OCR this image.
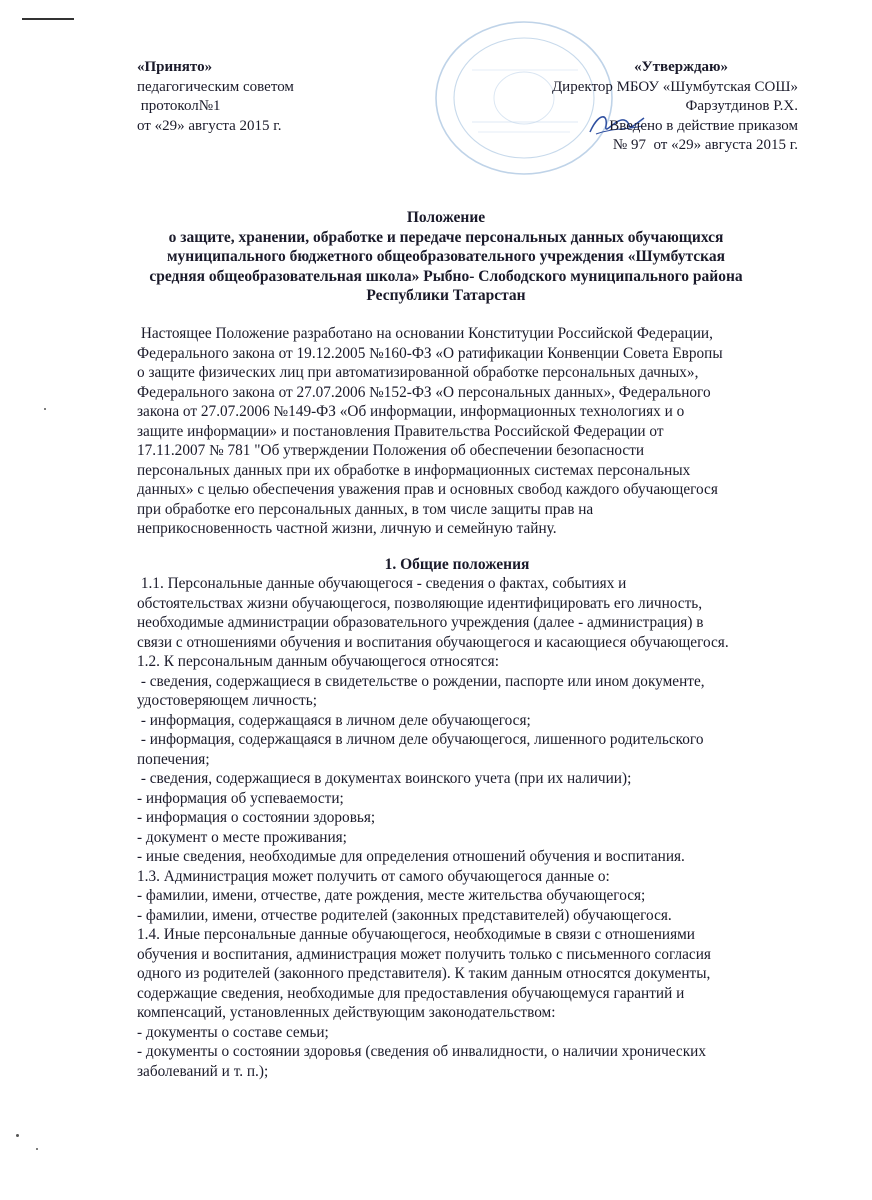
«Принято»
педагогическим советом
протокол№1
от «29» августа 2015 г.
«Утверждаю»
Директор МБОУ «Шумбутская СОШ»
Фарзутдинов Р.Х.
Введено в действие приказом
№ 97  от «29» августа 2015 г.
Положение
о защите, хранении, обработке и передаче персональных данных обучающихся
муниципального бюджетного общеобразовательного учреждения «Шумбутская
средняя общеобразовательная школа» Рыбно- Слободского муниципального района
Республики Татарстан
Настоящее Положение разработано на основании Конституции Российской Федерации,
Федерального закона от 19.12.2005 №160-ФЗ «О ратификации Конвенции Совета Европы
о защите физических лиц при автоматизированной обработке персональных дачных»,
Федерального закона от 27.07.2006 №152-ФЗ «О персональных данных», Федерального
закона от 27.07.2006 №149-ФЗ «Об информации, информационных технологиях и о
защите информации» и постановления Правительства Российской Федерации от
17.11.2007 № 781 "Об утверждении Положения об обеспечении безопасности
персональных данных при их обработке в информационных системах персональных
данных» с целью обеспечения уважения прав и основных свобод каждого обучающегося
при обработке его персональных данных, в том числе защиты прав на
неприкосновенность частной жизни, личную и семейную тайну.
1. Общие положения
1.1. Персональные данные обучающегося - сведения о фактах, событиях и
обстоятельствах жизни обучающегося, позволяющие идентифицировать его личность,
необходимые администрации образовательного учреждения (далее - администрация) в
связи с отношениями обучения и воспитания обучающегося и касающиеся обучающегося.
1.2. К персональным данным обучающегося относятся:
- сведения, содержащиеся в свидетельстве о рождении, паспорте или ином документе,
удостоверяющем личность;
- информация, содержащаяся в личном деле обучающегося;
- информация, содержащаяся в личном деле обучающегося, лишенного родительского
попечения;
- сведения, содержащиеся в документах воинского учета (при их наличии);
- информация об успеваемости;
- информация о состоянии здоровья;
- документ о месте проживания;
- иные сведения, необходимые для определения отношений обучения и воспитания.
1.3. Администрация может получить от самого обучающегося данные о:
- фамилии, имени, отчестве, дате рождения, месте жительства обучающегося;
- фамилии, имени, отчестве родителей (законных представителей) обучающегося.
1.4. Иные персональные данные обучающегося, необходимые в связи с отношениями
обучения и воспитания, администрация может получить только с письменного согласия
одного из родителей (законного представителя). К таким данным относятся документы,
содержащие сведения, необходимые для предоставления обучающемуся гарантий и
компенсаций, установленных действующим законодательством:
- документы о составе семьи;
- документы о состоянии здоровья (сведения об инвалидности, о наличии хронических
заболеваний и т. п.);
